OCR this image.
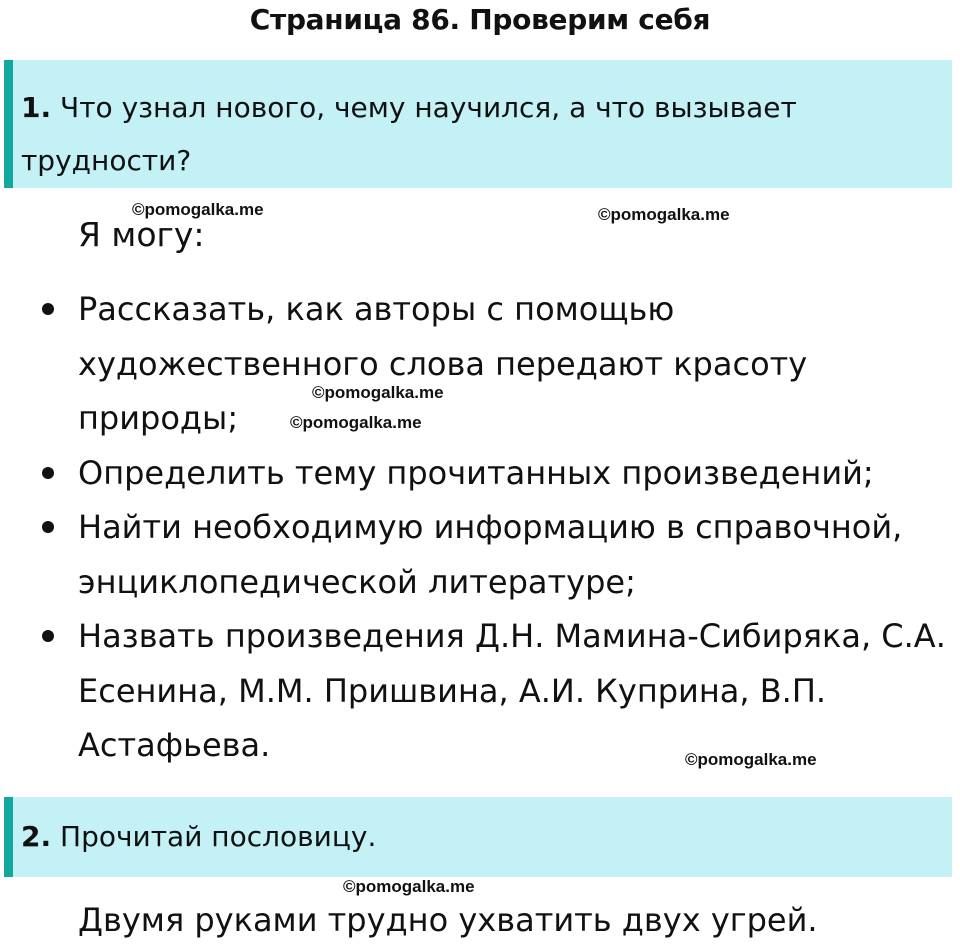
Страница 86. Проверим себя
1. Что узнал нового, чему научился, а что вызывает трудности?
Я могу:
Рассказать, как авторы с помощью художественного слова передают красоту природы;
Определить тему прочитанных произведений;
Найти необходимую информацию в справочной, энциклопедической литературе;
Назвать произведения Д.Н. Мамина-Сибиряка, С.А. Есенина, М.М. Пришвина, А.И. Куприна, В.П. Астафьева.
2. Прочитай пословицу.
Двумя руками трудно ухватить двух угрей.
©pomogalka.me	©pomogalka.me
©pomogalka.me
©pomogalka.me
©pomogalka.me
©pomogalka.me
